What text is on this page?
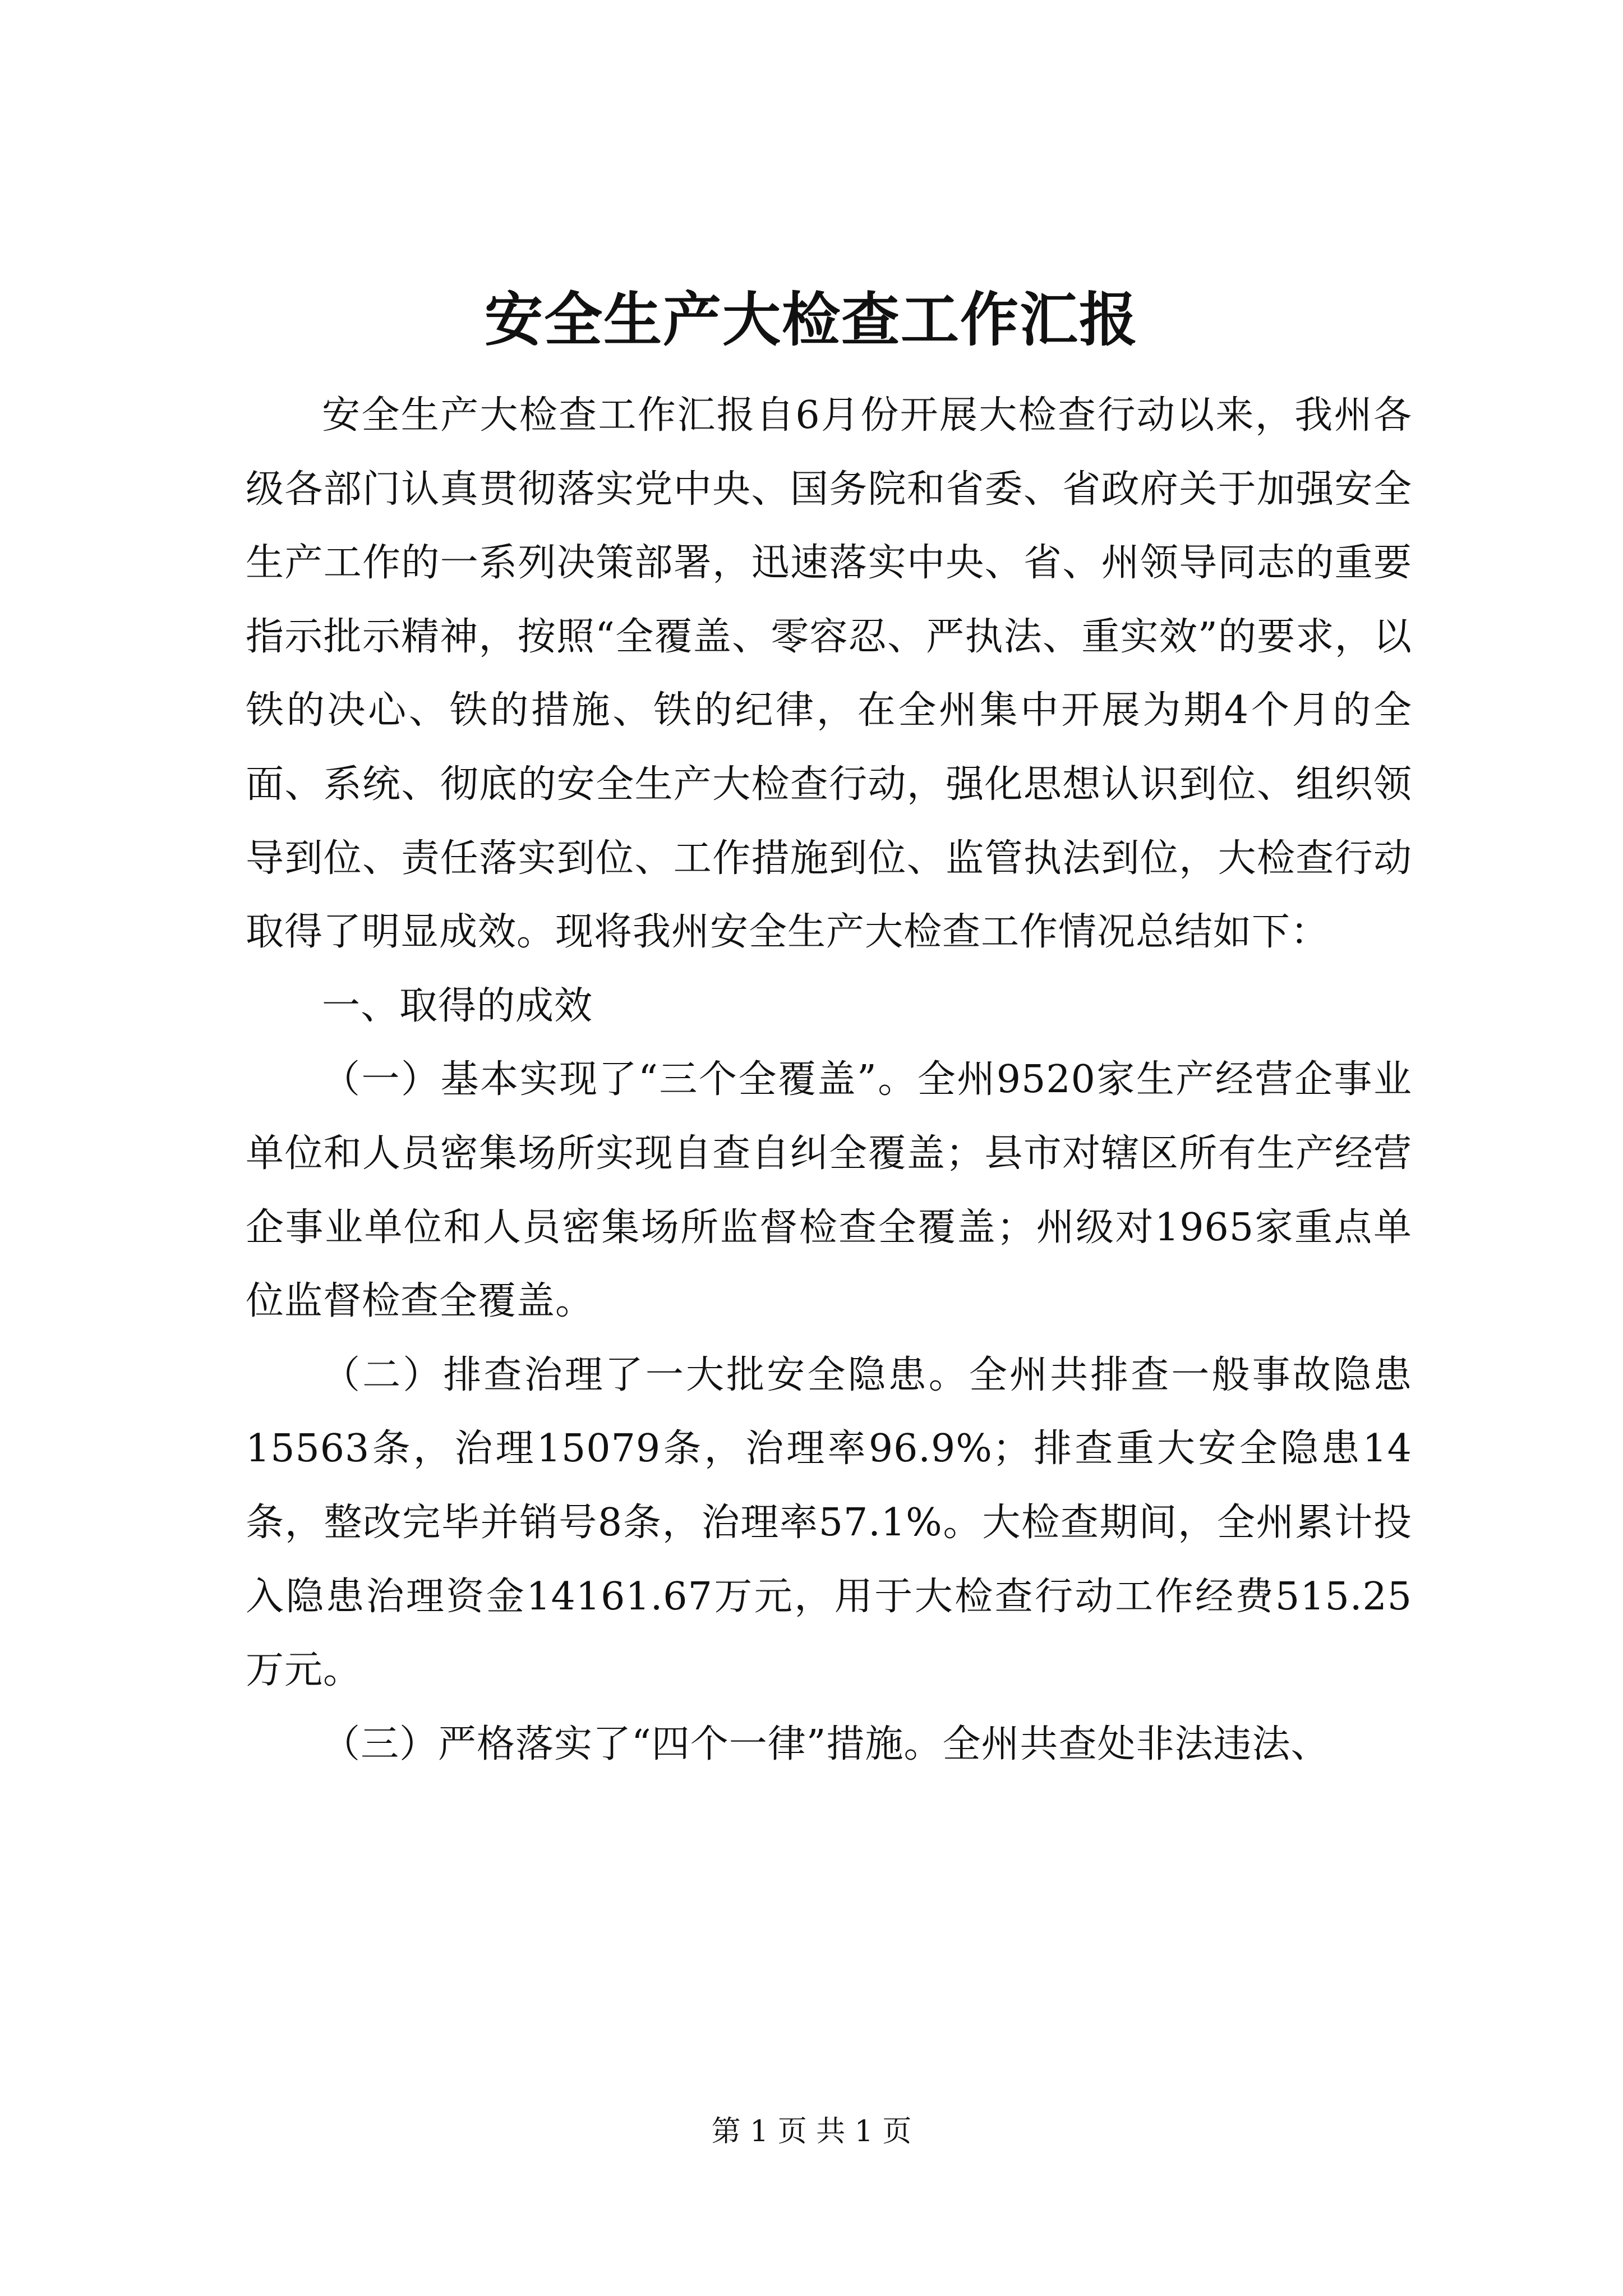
安全生产大检查工作汇报

安全生产大检查工作汇报自6月份开展大检查行动以来，我州各级各部门认真贯彻落实党中央、国务院和省委、省政府关于加强安全生产工作的一系列决策部署，迅速落实中央、省、州领导同志的重要指示批示精神，按照“全覆盖、零容忍、严执法、重实效”的要求，以铁的决心、铁的措施、铁的纪律，在全州集中开展为期4个月的全面、系统、彻底的安全生产大检查行动，强化思想认识到位、组织领导到位、责任落实到位、工作措施到位、监管执法到位，大检查行动取得了明显成效。现将我州安全生产大检查工作情况总结如下：

一、取得的成效

（一）基本实现了“三个全覆盖”。全州9520家生产经营企事业单位和人员密集场所实现自查自纠全覆盖；县市对辖区所有生产经营企事业单位和人员密集场所监督检查全覆盖；州级对1965家重点单位监督检查全覆盖。

（二）排查治理了一大批安全隐患。全州共排查一般事故隐患15563条，治理15079条，治理率96.9%；排查重大安全隐患14条，整改完毕并销号8条，治理率57.1%。大检查期间，全州累计投入隐患治理资金14161.67万元，用于大检查行动工作经费515.25万元。

（三）严格落实了“四个一律”措施。全州共查处非法违法、

第 1 页 共 1 页
